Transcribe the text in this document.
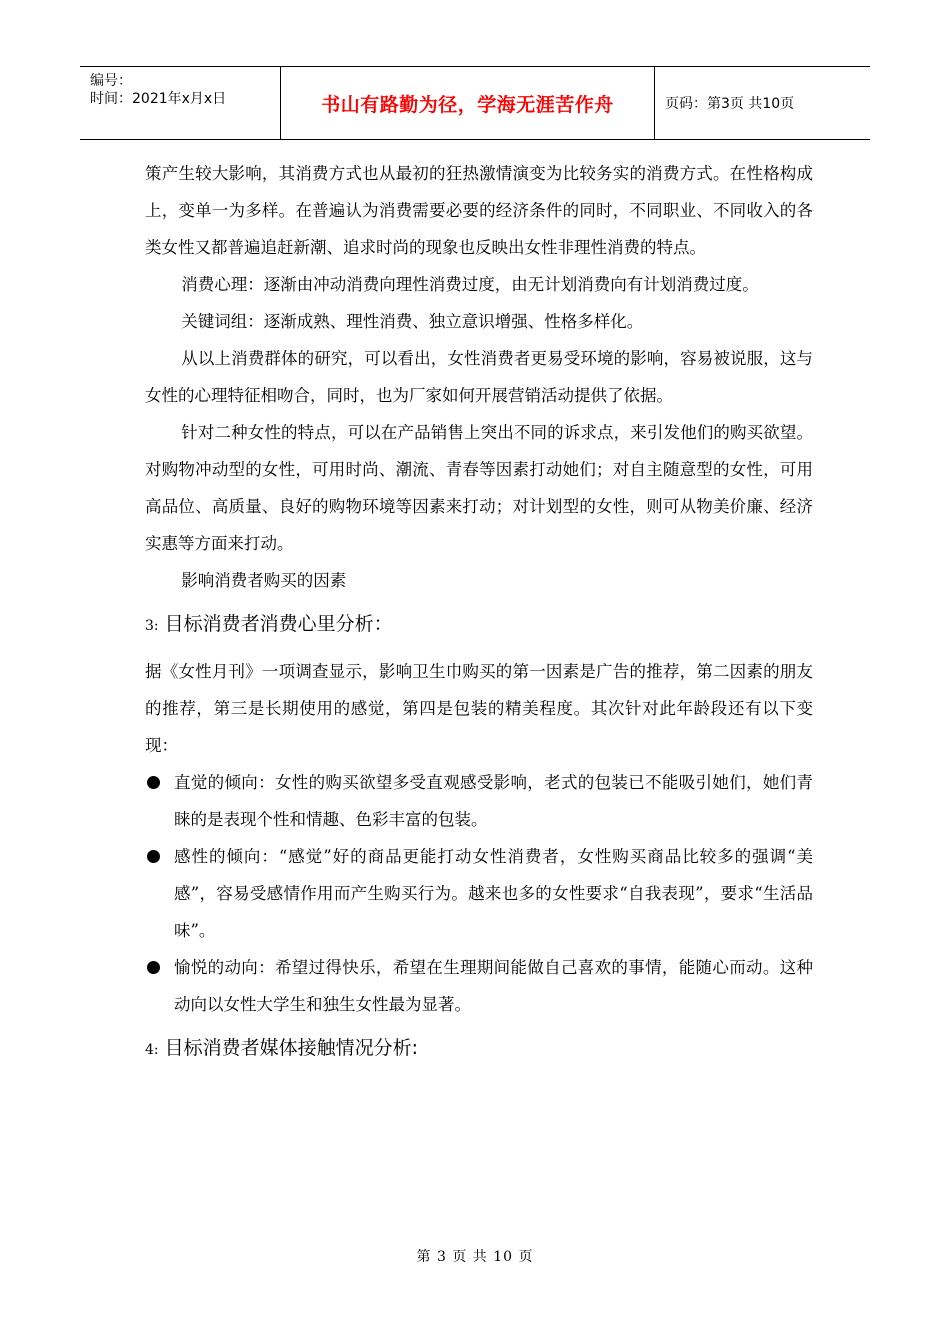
编号：
时间：2021年x月x日	书山有路勤为径，学海无涯苦作舟	页码：第3页 共10页

策产生较大影响，其消费方式也从最初的狂热激情演变为比较务实的消费方式。在性格构成上，变单一为多样。在普遍认为消费需要必要的经济条件的同时，不同职业、不同收入的各类女性又都普遍追赶新潮、追求时尚的现象也反映出女性非理性消费的特点。

消费心理：逐渐由冲动消费向理性消费过度，由无计划消费向有计划消费过度。

关键词组：逐渐成熟、理性消费、独立意识增强、性格多样化。

从以上消费群体的研究，可以看出，女性消费者更易受环境的影响，容易被说服，这与女性的心理特征相吻合，同时，也为厂家如何开展营销活动提供了依据。

针对二种女性的特点，可以在产品销售上突出不同的诉求点，来引发他们的购买欲望。对购物冲动型的女性，可用时尚、潮流、青春等因素打动她们；对自主随意型的女性，可用高品位、高质量、良好的购物环境等因素来打动；对计划型的女性，则可从物美价廉、经济实惠等方面来打动。

影响消费者购买的因素

3: 目标消费者消费心里分析：

据《女性月刊》一项调查显示，影响卫生巾购买的第一因素是广告的推荐，第二因素的朋友的推荐，第三是长期使用的感觉，第四是包装的精美程度。其次针对此年龄段还有以下变现：

直觉的倾向：女性的购买欲望多受直观感受影响，老式的包装已不能吸引她们，她们青睐的是表现个性和情趣、色彩丰富的包装。
感性的倾向：“感觉”好的商品更能打动女性消费者，女性购买商品比较多的强调“美感”，容易受感情作用而产生购买行为。越来也多的女性要求“自我表现”，要求“生活品味”。
愉悦的动向：希望过得快乐，希望在生理期间能做自己喜欢的事情，能随心而动。这种动向以女性大学生和独生女性最为显著。
4: 目标消费者媒体接触情况分析:
第 3 页 共 10 页
